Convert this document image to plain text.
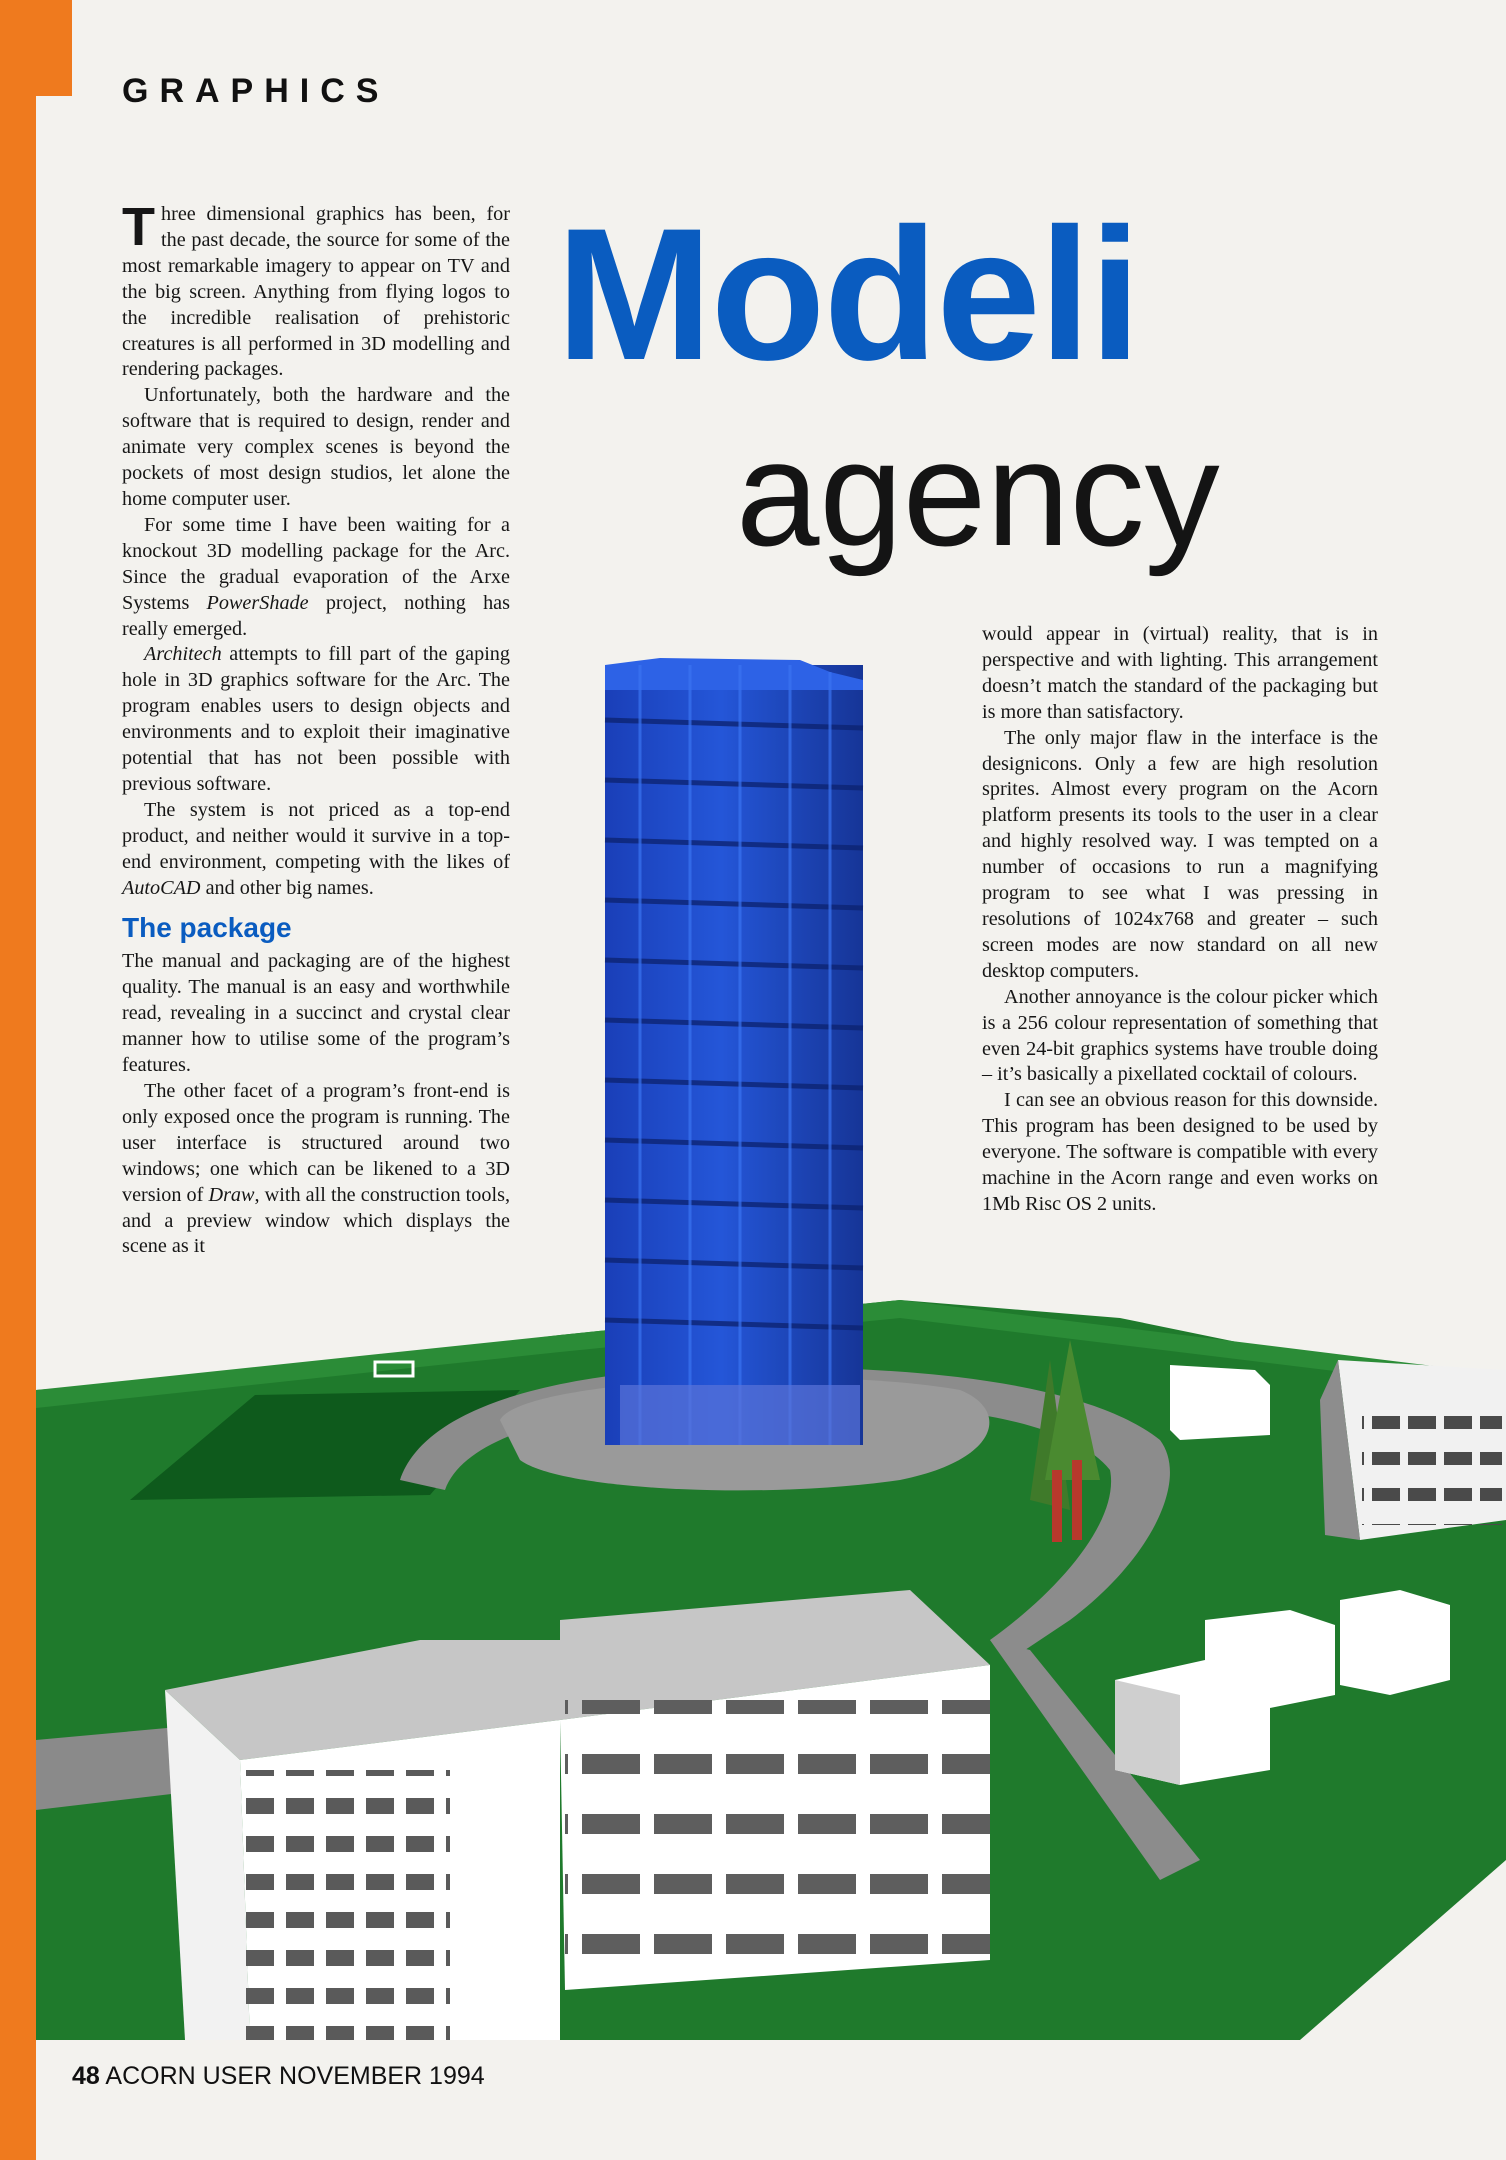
GRAPHICS
Modeli
agency

Three dimensional graphics has been, for the past decade, the source for some of the most remarkable imagery to appear on TV and the big screen. Anything from flying logos to the incredible realisation of prehistoric creatures is all performed in 3D modelling and rendering packages.

Unfortunately, both the hardware and the software that is required to design, render and animate very complex scenes is beyond the pockets of most design studios, let alone the home computer user.

For some time I have been waiting for a knockout 3D modelling package for the Arc. Since the gradual evaporation of the Arxe Systems PowerShade project, nothing has really emerged.

Architech attempts to fill part of the gaping hole in 3D graphics software for the Arc. The program enables users to design objects and environments and to exploit their imaginative potential that has not been possible with previous software.

The system is not priced as a top-end product, and neither would it survive in a top-end environment, competing with the likes of AutoCAD and other big names.

The package

The manual and packaging are of the highest quality. The manual is an easy and worthwhile read, revealing in a succinct and crystal clear manner how to utilise some of the program’s features.

The other facet of a program’s front-end is only exposed once the program is running. The user interface is structured around two windows; one which can be likened to a 3D version of Draw, with all the construction tools, and a preview window which displays the scene as it

would appear in (virtual) reality, that is in perspective and with lighting. This arrangement doesn’t match the standard of the packaging but is more than satisfactory.

The only major flaw in the interface is the designicons. Only a few are high resolution sprites. Almost every program on the Acorn platform presents its tools to the user in a clear and highly resolved way. I was tempted on a number of occasions to run a magnifying program to see what I was pressing in resolutions of 1024x768 and greater – such screen modes are now standard on all new desktop computers.

Another annoyance is the colour picker which is a 256 colour representation of something that even 24-bit graphics systems have trouble doing – it’s basically a pixellated cocktail of colours.

I can see an obvious reason for this downside. This program has been designed to be used by everyone. The software is compatible with every machine in the Acorn range and even works on 1Mb Risc OS 2 units.

48 ACORN USER NOVEMBER 1994
